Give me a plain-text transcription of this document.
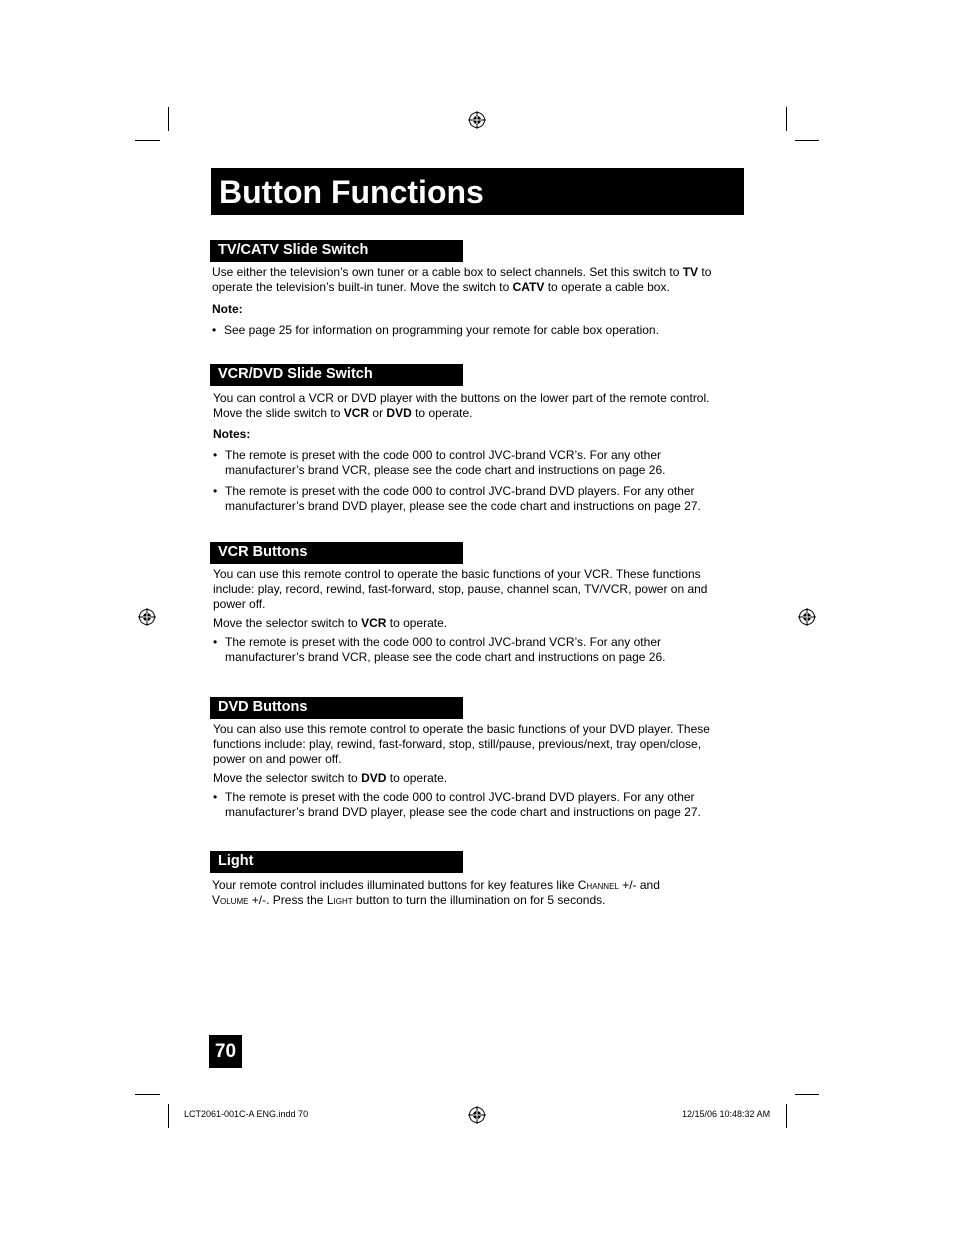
Button Functions
TV/CATV Slide Switch
Use either the television’s own tuner or a cable box to select channels. Set this switch to TV to
operate the television’s built-in tuner. Move the switch to CATV to operate a cable box.
Note:
• See page 25 for information on programming your remote for cable box operation.
VCR/DVD Slide Switch
You can control a VCR or DVD player with the buttons on the lower part of the remote control.
Move the slide switch to VCR or DVD to operate.
Notes:
• The remote is preset with the code 000 to control JVC-brand VCR’s. For any other
manufacturer’s brand VCR, please see the code chart and instructions on page 26.
• The remote is preset with the code 000 to control JVC-brand DVD players. For any other
manufacturer’s brand DVD player, please see the code chart and instructions on page 27.
VCR Buttons
You can use this remote control to operate the basic functions of your VCR. These functions
include: play, record, rewind, fast-forward, stop, pause, channel scan, TV/VCR, power on and
power off.
Move the selector switch to VCR to operate.
• The remote is preset with the code 000 to control JVC-brand VCR’s. For any other
manufacturer’s brand VCR, please see the code chart and instructions on page 26.
DVD Buttons
You can also use this remote control to operate the basic functions of your DVD player. These
functions include: play, rewind, fast-forward, stop, still/pause, previous/next, tray open/close,
power on and power off.
Move the selector switch to DVD to operate.
• The remote is preset with the code 000 to control JVC-brand DVD players. For any other
manufacturer’s brand DVD player, please see the code chart and instructions on page 27.
Light
Your remote control includes illuminated buttons for key features like Channel +/- and
Volume +/-. Press the Light button to turn the illumination on for 5 seconds.
70
LCT2061-001C-A ENG.indd 70	12/15/06 10:48:32 AM
